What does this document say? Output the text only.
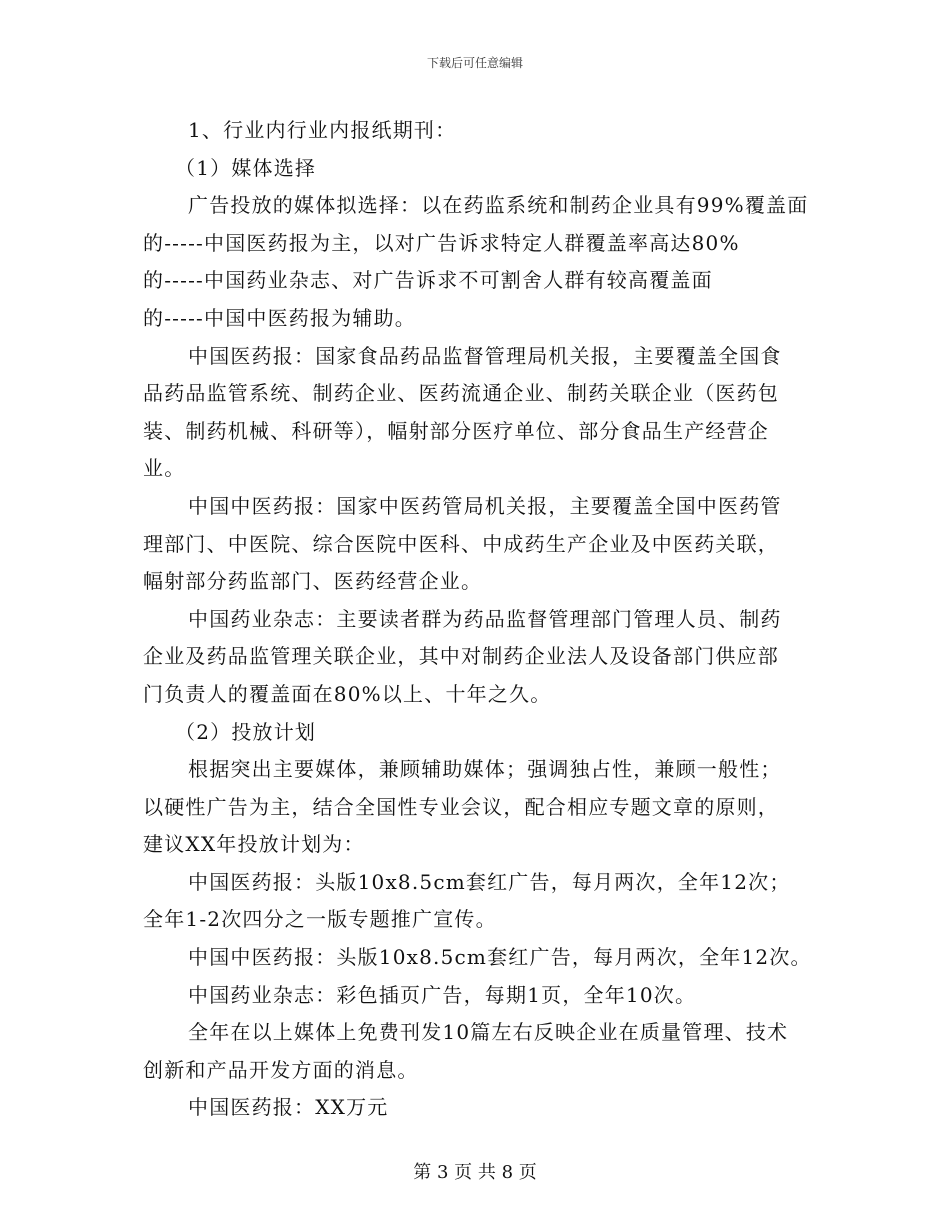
下载后可任意编辑

1、行业内行业内报纸期刊：

（1）媒体选择

广告投放的媒体拟选择：以在药监系统和制药企业具有99%覆盖面

的-----中国医药报为主，以对广告诉求特定人群覆盖率高达80%

的-----中国药业杂志、对广告诉求不可割舍人群有较高覆盖面

的-----中国中医药报为辅助。

中国医药报：国家食品药品监督管理局机关报，主要覆盖全国食

品药品监管系统、制药企业、医药流通企业、制药关联企业（医药包

装、制药机械、科研等），幅射部分医疗单位、部分食品生产经营企

业。

中国中医药报：国家中医药管局机关报，主要覆盖全国中医药管

理部门、中医院、综合医院中医科、中成药生产企业及中医药关联，

幅射部分药监部门、医药经营企业。

中国药业杂志：主要读者群为药品监督管理部门管理人员、制药

企业及药品监管理关联企业，其中对制药企业法人及设备部门供应部

门负责人的覆盖面在80%以上、十年之久。

（2）投放计划

根据突出主要媒体，兼顾辅助媒体；强调独占性，兼顾一般性；

以硬性广告为主，结合全国性专业会议，配合相应专题文章的原则，

建议XX年投放计划为：

中国医药报：头版10x8.5cm套红广告，每月两次，全年12次；

全年1-2次四分之一版专题推广宣传。

中国中医药报：头版10x8.5cm套红广告，每月两次，全年12次。

中国药业杂志：彩色插页广告，每期1页，全年10次。

全年在以上媒体上免费刊发10篇左右反映企业在质量管理、技术

创新和产品开发方面的消息。

中国医药报：XX万元

第 3 页 共 8 页
